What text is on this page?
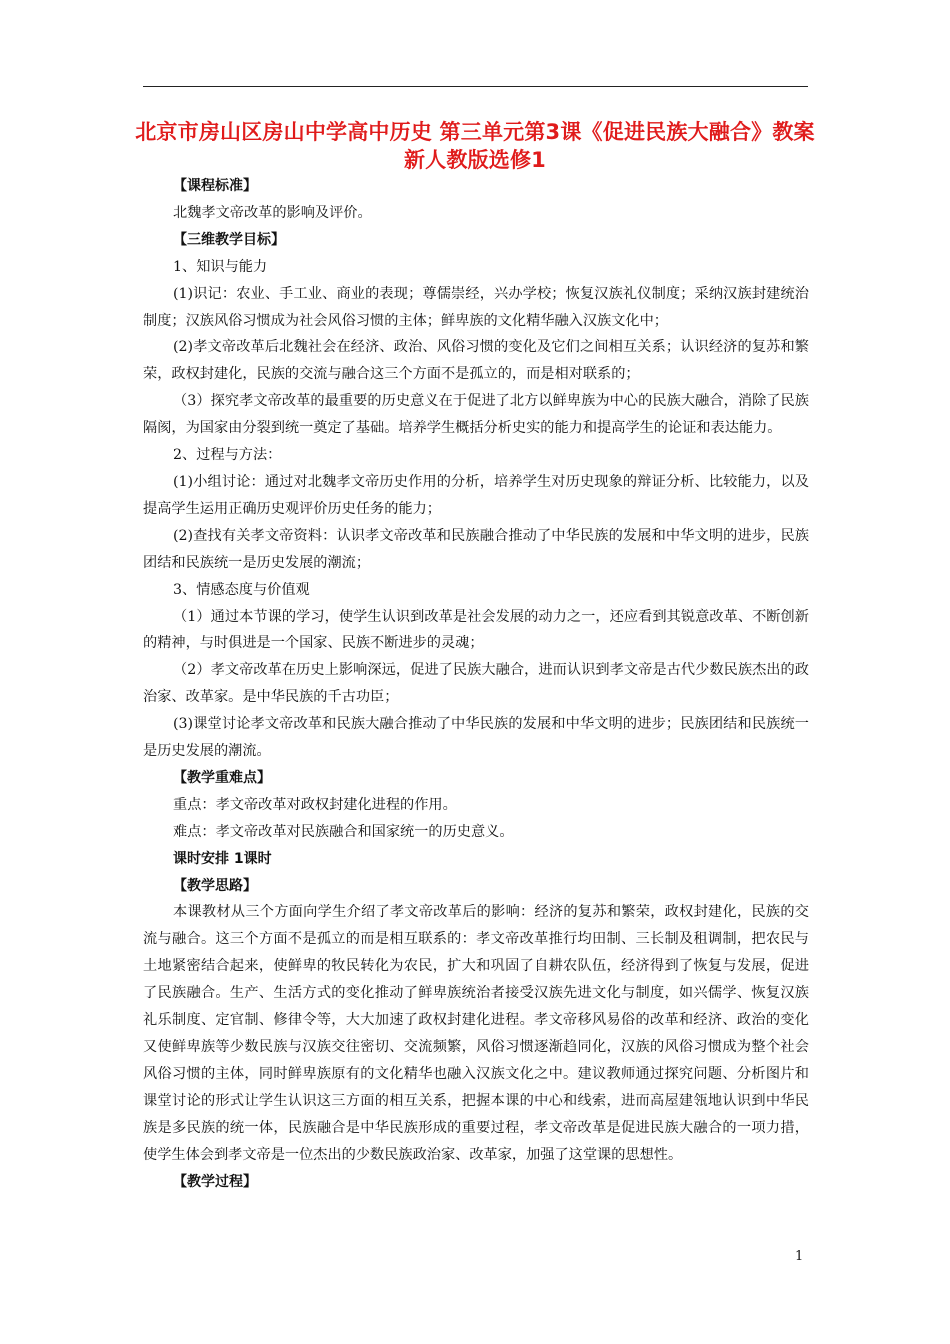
北京市房山区房山中学高中历史 第三单元第3课《促进民族大融合》教案 新人教版选修1

【课程标准】

北魏孝文帝改革的影响及评价。

【三维教学目标】

1、知识与能力

(1)识记：农业、手工业、商业的表现；尊儒崇经，兴办学校；恢复汉族礼仪制度；采纳汉族封建统治制度；汉族风俗习惯成为社会风俗习惯的主体；鲜卑族的文化精华融入汉族文化中；

(2)孝文帝改革后北魏社会在经济、政治、风俗习惯的变化及它们之间相互关系；认识经济的复苏和繁荣，政权封建化，民族的交流与融合这三个方面不是孤立的，而是相对联系的；

（3）探究孝文帝改革的最重要的历史意义在于促进了北方以鲜卑族为中心的民族大融合，消除了民族隔阂，为国家由分裂到统一奠定了基础。培养学生概括分析史实的能力和提高学生的论证和表达能力。

2、过程与方法：

(1)小组讨论：通过对北魏孝文帝历史作用的分析，培养学生对历史现象的辩证分析、比较能力，以及提高学生运用正确历史观评价历史任务的能力；

(2)查找有关孝文帝资料：认识孝文帝改革和民族融合推动了中华民族的发展和中华文明的进步，民族团结和民族统一是历史发展的潮流；

3、情感态度与价值观

（1）通过本节课的学习，使学生认识到改革是社会发展的动力之一，还应看到其锐意改革、不断创新的精神，与时俱进是一个国家、民族不断进步的灵魂；

（2）孝文帝改革在历史上影响深远，促进了民族大融合，进而认识到孝文帝是古代少数民族杰出的政治家、改革家。是中华民族的千古功臣；

(3)课堂讨论孝文帝改革和民族大融合推动了中华民族的发展和中华文明的进步；民族团结和民族统一是历史发展的潮流。

【教学重难点】

重点：孝文帝改革对政权封建化进程的作用。

难点：孝文帝改革对民族融合和国家统一的历史意义。

课时安排 1课时

【教学思路】

本课教材从三个方面向学生介绍了孝文帝改革后的影响：经济的复苏和繁荣，政权封建化，民族的交流与融合。这三个方面不是孤立的而是相互联系的：孝文帝改革推行均田制、三长制及租调制，把农民与土地紧密结合起来，使鲜卑的牧民转化为农民，扩大和巩固了自耕农队伍，经济得到了恢复与发展，促进了民族融合。生产、生活方式的变化推动了鲜卑族统治者接受汉族先进文化与制度，如兴儒学、恢复汉族礼乐制度、定官制、修律令等，大大加速了政权封建化进程。孝文帝移风易俗的改革和经济、政治的变化又使鲜卑族等少数民族与汉族交往密切、交流频繁，风俗习惯逐渐趋同化，汉族的风俗习惯成为整个社会风俗习惯的主体，同时鲜卑族原有的文化精华也融入汉族文化之中。建议教师通过探究问题、分析图片和课堂讨论的形式让学生认识这三方面的相互关系，把握本课的中心和线索，进而高屋建瓴地认识到中华民族是多民族的统一体，民族融合是中华民族形成的重要过程，孝文帝改革是促进民族大融合的一项力措，使学生体会到孝文帝是一位杰出的少数民族政治家、改革家，加强了这堂课的思想性。

【教学过程】

1
